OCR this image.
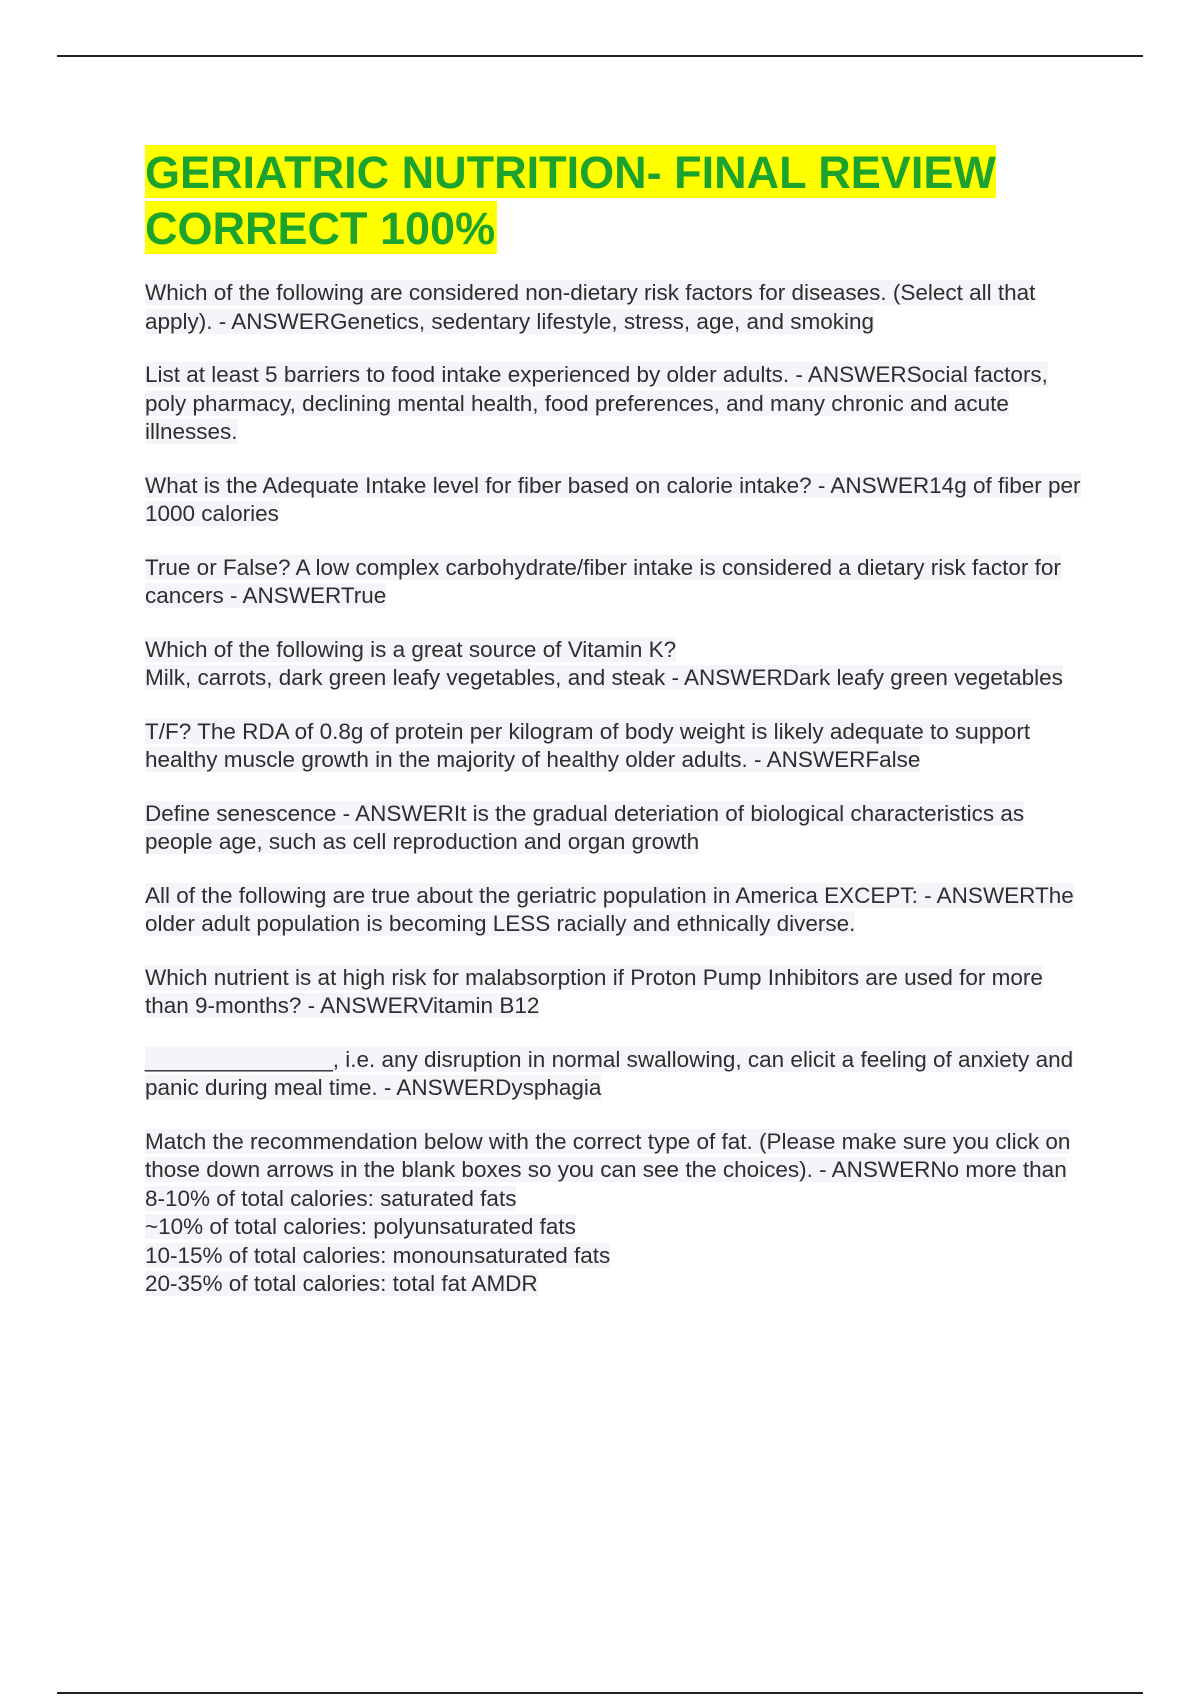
GERIATRIC NUTRITION- FINAL REVIEW CORRECT 100%

Which of the following are considered non-dietary risk factors for diseases. (Select all that apply). - ANSWERGenetics, sedentary lifestyle, stress, age, and smoking

List at least 5 barriers to food intake experienced by older adults. - ANSWERSocial factors, poly pharmacy, declining mental health, food preferences, and many chronic and acute illnesses.

What is the Adequate Intake level for fiber based on calorie intake? - ANSWER14g of fiber per 1000 calories

True or False? A low complex carbohydrate/fiber intake is considered a dietary risk factor for cancers - ANSWERTrue

Which of the following is a great source of Vitamin K?
Milk, carrots, dark green leafy vegetables, and steak - ANSWERDark leafy green vegetables

T/F? The RDA of 0.8g of protein per kilogram of body weight is likely adequate to support healthy muscle growth in the majority of healthy older adults. - ANSWERFalse

Define senescence - ANSWERIt is the gradual deteriation of biological characteristics as people age, such as cell reproduction and organ growth

All of the following are true about the geriatric population in America EXCEPT: - ANSWERThe older adult population is becoming LESS racially and ethnically diverse.

Which nutrient is at high risk for malabsorption if Proton Pump Inhibitors are used for more than 9-months? - ANSWERVitamin B12

_______________, i.e. any disruption in normal swallowing, can elicit a feeling of anxiety and panic during meal time. - ANSWERDysphagia

Match the recommendation below with the correct type of fat. (Please make sure you click on those down arrows in the blank boxes so you can see the choices). - ANSWERNo more than 8-10% of total calories: saturated fats
~10% of total calories: polyunsaturated fats
10-15% of total calories: monounsaturated fats
20-35% of total calories: total fat AMDR
